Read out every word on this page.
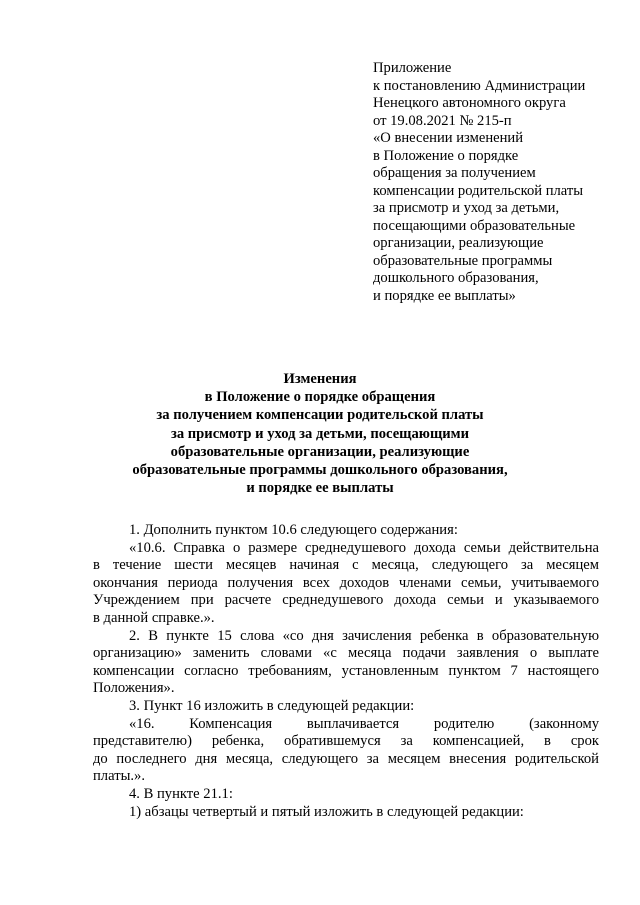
Приложение
к постановлению Администрации
Ненецкого автономного округа
от 19.08.2021 № 215-п
«О внесении изменений
в Положение о порядке
обращения за получением
компенсации родительской платы
за присмотр и уход за детьми,
посещающими образовательные
организации, реализующие
образовательные программы
дошкольного образования,
и порядке ее выплаты»
Изменения
в Положение о порядке обращения
за получением компенсации родительской платы
за присмотр и уход за детьми, посещающими
образовательные организации, реализующие
образовательные программы дошкольного образования,
и порядке ее выплаты
1. Дополнить пунктом 10.6 следующего содержания:
«10.6. Справка о размере среднедушевого дохода семьи действительна
в течение шести месяцев начиная с месяца, следующего за месяцем
окончания периода получения всех доходов членами семьи, учитываемого
Учреждением при расчете среднедушевого дохода семьи и указываемого
в данной справке.».
2. В пункте 15 слова «со дня зачисления ребенка в образовательную
организацию» заменить словами «с месяца подачи заявления о выплате
компенсации согласно требованиям, установленным пунктом 7 настоящего
Положения».
3. Пункт 16 изложить в следующей редакции:
«16. Компенсация выплачивается родителю (законному
представителю) ребенка, обратившемуся за компенсацией, в срок
до последнего дня месяца, следующего за месяцем внесения родительской
платы.».
4. В пункте 21.1:
1) абзацы четвертый и пятый изложить в следующей редакции:
